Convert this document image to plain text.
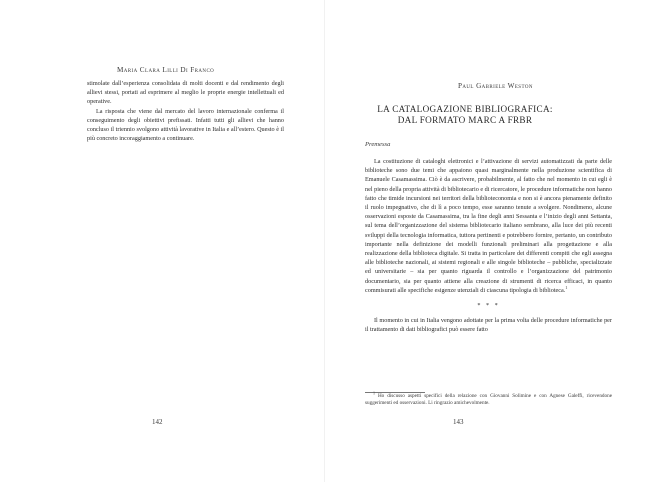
Maria Clara Lilli Di Franco

stimolate dall’esperienza consolidata di molti docenti e dal rendimento degli allievi stessi, portati ad esprimere al meglio le proprie energie intellettuali ed operative.

La risposta che viene dal mercato del lavoro internazionale conferma il conseguimento degli obiettivi prefissati. Infatti tutti gli allievi che hanno concluso il triennio svolgono attività lavorative in Italia e all’estero. Questo è il più concreto incoraggiamento a continuare.

142
Paul Gabriele Weston
LA CATALOGAZIONE BIBLIOGRAFICA:
DAL FORMATO MARC A FRBR
Premessa

La costituzione di cataloghi elettronici e l’attivazione di servizi automatizzati da parte delle biblioteche sono due temi che appaiono quasi marginalmente nella produzione scientifica di Emanuele Casamassima. Ciò è da ascrivere, probabilmente, al fatto che nel momento in cui egli è nel pieno della propria attività di bibliotecario e di ricercatore, le procedure informatiche non hanno fatto che timide incursioni nei territori della biblioteconomia e non si è ancora pienamente definito il ruolo impegnativo, che di lì a poco tempo, esse saranno tenute a svolgere. Nondimeno, alcune osservazioni esposte da Casamassima, tra la fine degli anni Sessanta e l’inizio degli anni Settanta, sul tema dell’organizzazione del sistema bibliotecario italiano sembrano, alla luce dei più recenti sviluppi della tecnologia informatica, tuttora pertinenti e potrebbero fornire, pertanto, un contributo importante nella definizione dei modelli funzionali preliminari alla progettazione e alla realizzazione della biblioteca digitale. Si tratta in particolare dei differenti compiti che egli assegna alle biblioteche nazionali, ai sistemi regionali e alle singole biblioteche – pubbliche, specializzate ed universitarie – sia per quanto riguarda il controllo e l’organizzazione del patrimonio documentario, sia per quanto attiene alla creazione di strumenti di ricerca efficaci, in quanto commisurati alle specifiche esigenze utenziali di ciascuna tipologia di biblioteca.$^1$

* * *

Il momento in cui in Italia vengono adottate per la prima volta delle procedure informatiche per il trattamento di dati bibliografici può essere fatto

$^1$ Ho discusso aspetti specifici della relazione con Giovanni Solimine e con Agnese Galeffi, ricevendone suggerimenti ed osservazioni. Li ringrazio amichevolmente.
143
